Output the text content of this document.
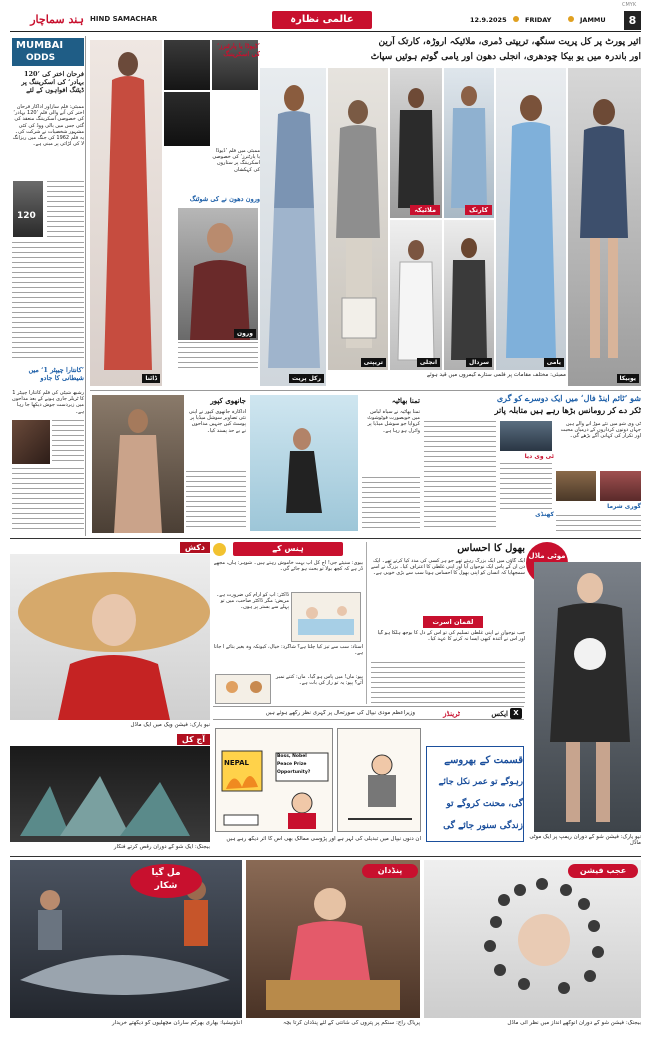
CMYK
ہند سماچار HIND SAMACHAR	عالمی نظارہ	12.9.2025	FRIDAY	JAMMU	8
MUMBAI
ODDS
فرحان اختر کی ’120 بہادر‘ کی اسکریننگ پر ڈیٹنگ افواہوں کے لئے
ممبئی: فلم سازاور اداکار فرحان اختر کی آنے والی فلم ’120 بہادر‘ کی خصوصی اسکریننگ منعقد کی گئی جس میں بالی ووڈ کی کئی مشہور شخصیات نے شرکت کی۔ یہ فلم 1962 کی جنگ میں ریزانگ لا کی لڑائی پر مبنی ہے۔
120
’کانتارا چیپٹر 1‘ میں شیطانی کا جادو
رشبھ شیٹی کی فلم کانتارا چیپٹر 1 کا ٹریلر جاری ہونے کے بعد مداحوں میں زبردست جوش دیکھا جا رہا ہے۔
ائیر پورٹ پر کل پریت سنگھ، تریپتی ڈمری، ملائیکہ اروڑہ، کارتک آرین
اور باندرہ میں یو بیکا چودھری، انجلی دھون اور یامی گوتم ہوئیں سپاٹ
ڈائنا
’ڈیوڈا یا پارٹنرز‘ کی اسکریننگ
ممبئی میں فلم ’ڈیوڈا یا پارٹنرز‘ کی خصوصی اسکریننگ پر ستاروں کی کہکشاں
ورون دھون نے کی شوٹنگ
ورون
رکل پریت
تریپتی
ملائیکہ
انجلی
کارتک
سردال	یامی
یوبیکا
ممبئی: مختلف مقامات پر فلمی ستارے کیمروں میں قید ہوئے
جانھوی کپور
اداکارہ جانھوی کپور نے اپنی نئی تصاویر سوشل میڈیا پر پوسٹ کیں جنہیں مداحوں نے بے حد پسند کیا۔
تمنا بھاٹیہ
تمنا بھاٹیہ نے سیاہ لباس میں خوبصورت فوٹوشوٹ کروایا جو سوشل میڈیا پر وائرل ہو رہا ہے۔
شو ’ٹائم اینڈ فال‘ میں ایک دوسرے کو گری
ٹکر دے کر رومانس بڑھا رہے ہیں متابلہ پاتر
ٹی وی شو میں نئے موڑ آنے والے ہیں جہاں دونوں کرداروں کے درمیان محبت اور تکرار کی کہانی آگے بڑھے گی۔
ٹی وی دیا
کھنڈی
گوری شرما
دکش
نیو یارک: فیشن ویک میں ایک ماڈل
آج کل
بیجنگ: ایک شو کے دوران رقص کرتے فنکار
ہنس کے
بیوی: سنیئے جی! آج کل آپ بہت خاموش رہتے ہیں۔ شوہر: ہاں، مجھے ڈر ہے کہ کچھ بولا تو بحث ہو جائے گی۔
ڈاکٹر: آپ کو آرام کی ضرورت ہے۔ مریض: مگر ڈاکٹر صاحب، میں تو پہلے سے بستر پر ہوں۔
استاد: سب سے تیز کیا چلتا ہے؟ شاگرد: خیال، کیونکہ وہ بغیر بتائے آ جاتا ہے۔
پپو: ماں! میں پاس ہو گیا۔ ماں: کتنے نمبر آئے؟ پپو: یہ تو راز کی بات ہے۔
بھول کا احساس
ایک گاؤں میں ایک بزرگ رہتے تھے جو ہر کسی کی مدد کیا کرتے تھے۔ ایک دن ان کے پاس ایک نوجوان آیا اور اپنی غلطی کا اعتراف کیا۔ بزرگ نے اسے سمجھایا کہ انسان کو اپنی بھول کا احساس ہونا سب سے بڑی خوبی ہے۔
لقمان اسرت
جب نوجوان نے اپنی غلطی تسلیم کی تو اس کے دل کا بوجھ ہلکا ہو گیا اور اس نے آئندہ کبھی ایسا نہ کرنے کا عہد کیا۔
موٹی ماڈل
نیو یارک: فیشن شو کے دوران ریمپ پر ایک موٹی ماڈل
X
ایکس
ٹرینڈز
وزیراعظم مودی نیپال کی صورتحال پر گہری نظر رکھے ہوئے ہیں
NEPAL
Boss, Nobel
Peace Prize
Opportunity?
ان دنوں نیپال میں تبدیلی کی لہر ہے اور پڑوسی ممالک بھی اس کا اثر دیکھ رہے ہیں
قسمت کے بھروسے
رہوگے تو عمر نکل جائے
گی، محنت کروگے تو
زندگی سنور جائے گی
مل گیا
شکار
انڈونیشیا: بھاری بھرکم سارڈن مچھلیوں کو دیکھتے خریدار
پنڈدان
پریاگ راج: سنگم پر پتروں کی شانتی کے لئے پنڈدان کرتا بچہ
عجب فیشن
بیجنگ: فیشن شو کے دوران انوکھے انداز میں نظر آئی ماڈل
